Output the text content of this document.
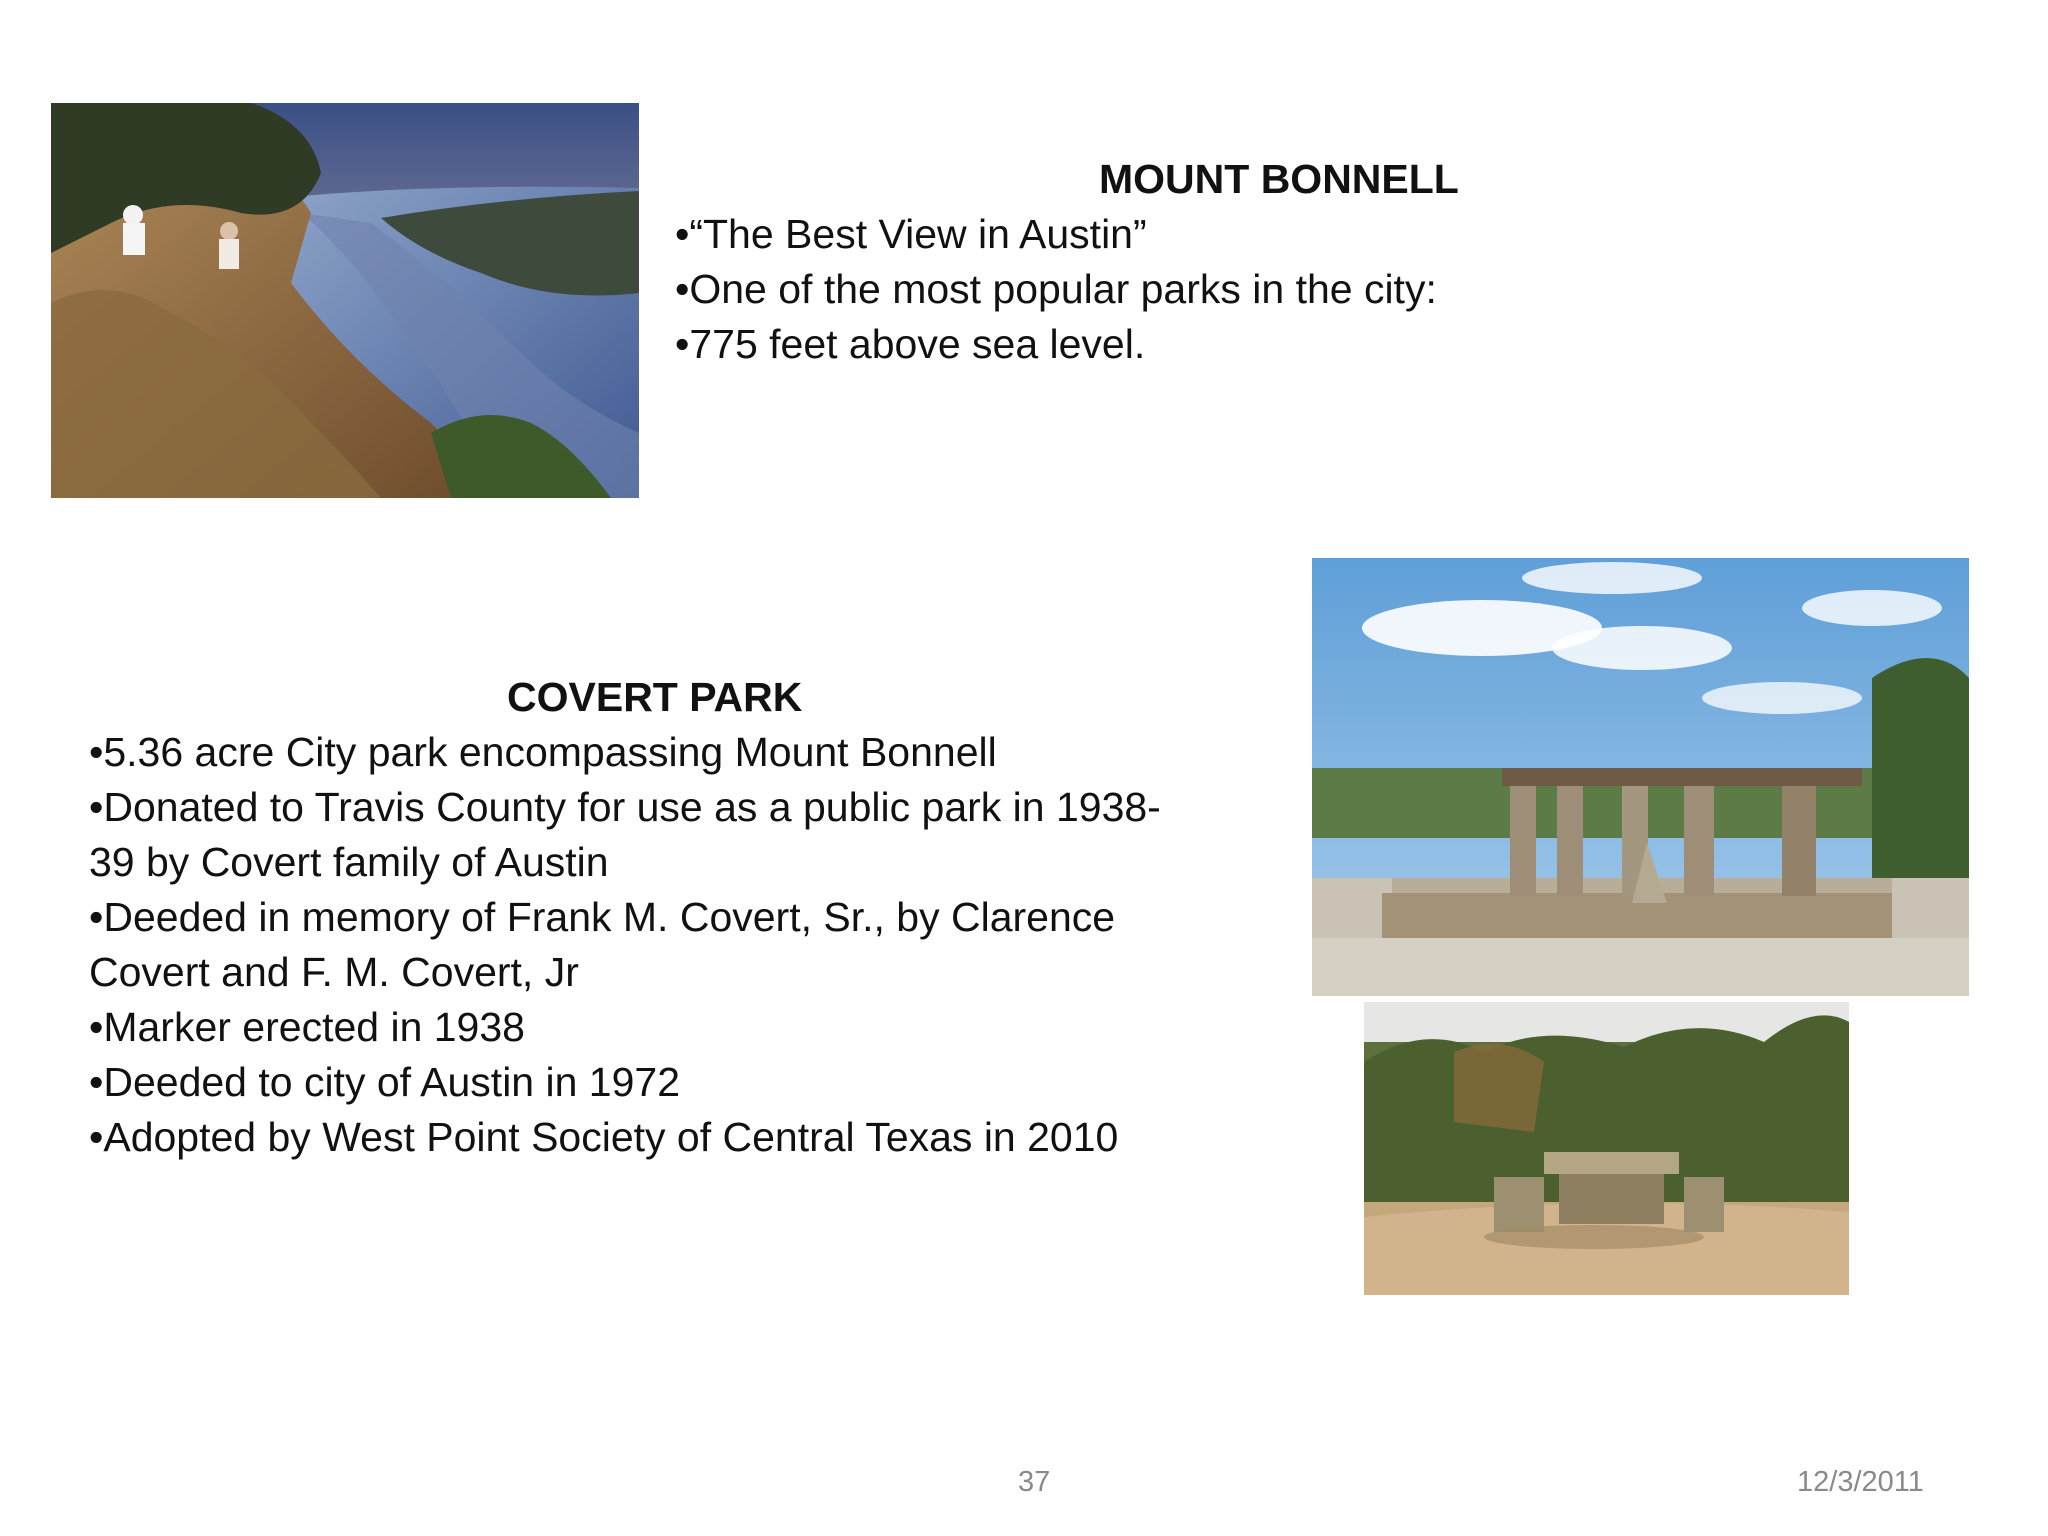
MOUNT BONNELL
•“The Best View in Austin”
•One of the most popular parks in the city:
•775 feet above sea level.
COVERT PARK
•5.36 acre City park encompassing Mount Bonnell
•Donated to Travis County for use as a public park in 1938-39 by Covert family of Austin
•Deeded in memory of Frank M. Covert, Sr., by Clarence Covert and F. M. Covert, Jr
•Marker erected in 1938
•Deeded to city of Austin in 1972
•Adopted by West Point Society of Central Texas in 2010
37	12/3/2011
